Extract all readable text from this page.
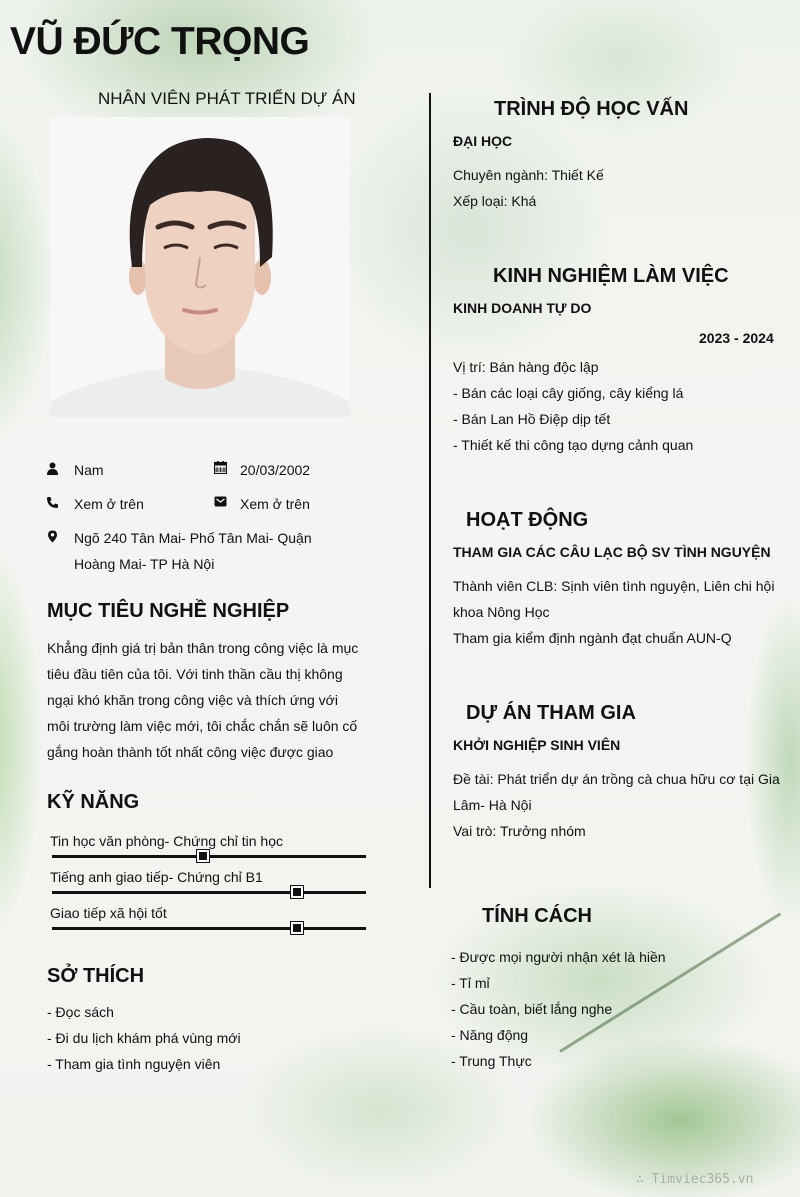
VŨ ĐỨC TRỌNG
NHÂN VIÊN PHÁT TRIỂN DỰ ÁN
Nam	20/03/2002
Xem ở trên	Xem ở trên
Ngõ 240 Tân Mai- Phố Tân Mai- Quận
Hoàng Mai- TP Hà Nội
MỤC TIÊU NGHỀ NGHIỆP
Khẳng định giá trị bản thân trong công việc là mục
tiêu đầu tiên của tôi. Với tinh thần cầu thị không
ngại khó khăn trong công việc và thích ứng với
môi trường làm việc mới, tôi chắc chắn sẽ luôn cố
gắng hoàn thành tốt nhất công việc được giao
KỸ NĂNG
Tin học văn phòng- Chứng chỉ tin học
Tiếng anh giao tiếp- Chứng chỉ B1
Giao tiếp xã hội tốt
SỞ THÍCH
- Đọc sách
- Đi du lịch khám phá vùng mới
- Tham gia tình nguyện viên
TRÌNH ĐỘ HỌC VẤN
ĐẠI HỌC
Chuyên ngành: Thiết Kế
Xếp loại: Khá
KINH NGHIỆM LÀM VIỆC
KINH DOANH TỰ DO
2023 - 2024
Vị trí: Bán hàng độc lập
- Bán các loại cây giống, cây kiểng lá
- Bán Lan Hồ Điệp dịp tết
- Thiết kế thi công tạo dựng cảnh quan
HOẠT ĐỘNG
THAM GIA CÁC CÂU LẠC BỘ SV TÌNH NGUYỆN
Thành viên CLB: Sịnh viên tình nguyện, Liên chi hội
khoa Nông Học
Tham gia kiểm định ngành đạt chuẩn AUN-Q
DỰ ÁN THAM GIA
KHỞI NGHIỆP SINH VIÊN
Đề tài: Phát triển dự án trồng cà chua hữu cơ tại Gia
Lâm- Hà Nội
Vai trò: Trưởng nhóm
TÍNH CÁCH
- Được mọi người nhận xét là hiền
- Tỉ mỉ
- Cầu toàn, biết lắng nghe
- Năng động
- Trung Thực
∴ Timviec365.vn
